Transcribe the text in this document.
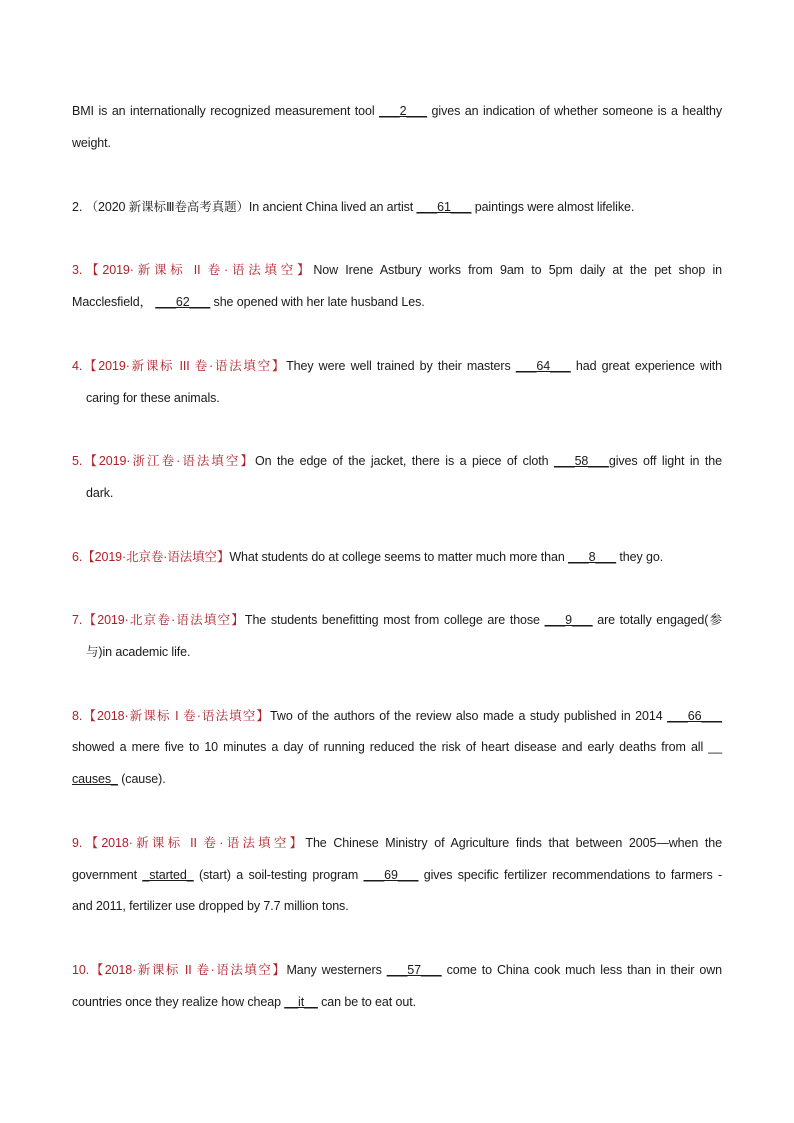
BMI is an internationally recognized measurement tool ___2___ gives an indication of whether someone is a healthy
weight.
2. （2020 新课标Ⅲ卷高考真题）In ancient China lived an artist ___61___ paintings were almost lifelike.
3.【2019·新课标 II 卷·语法填空】Now Irene Astbury works from 9am to 5pm daily at the pet shop in
Macclesfield， ___62___ she opened with her late husband Les.
4.【2019·新课标 III 卷·语法填空】They were well trained by their masters ___64___ had great experience with
caring for these animals.
5.【2019·浙江卷·语法填空】On the edge of the jacket, there is a piece of cloth ___58___gives off light in the
dark.
6.【2019·北京卷·语法填空】What students do at college seems to matter much more than ___8___ they go.
7.【2019·北京卷·语法填空】The students benefitting most from college are those ___9___ are totally engaged(参
与)in academic life.
8.【2018·新课标 I 卷·语法填空】Two of the authors of the review also made a study published in 2014 ___66___
showed a mere five to 10 minutes a day of running reduced the risk of heart disease and early deaths from all __
causes_ (cause).
9.【2018·新课标 II 卷·语法填空】The Chinese Ministry of Agriculture finds that between 2005—when the
government _started_ (start) a soil-testing program ___69___ gives specific fertilizer recommendations to farmers -
and 2011, fertilizer use dropped by 7.7 million tons.
10.【2018·新课标 II 卷·语法填空】Many westerners ___57___ come to China cook much less than in their own
countries once they realize how cheap __it__ can be to eat out.
